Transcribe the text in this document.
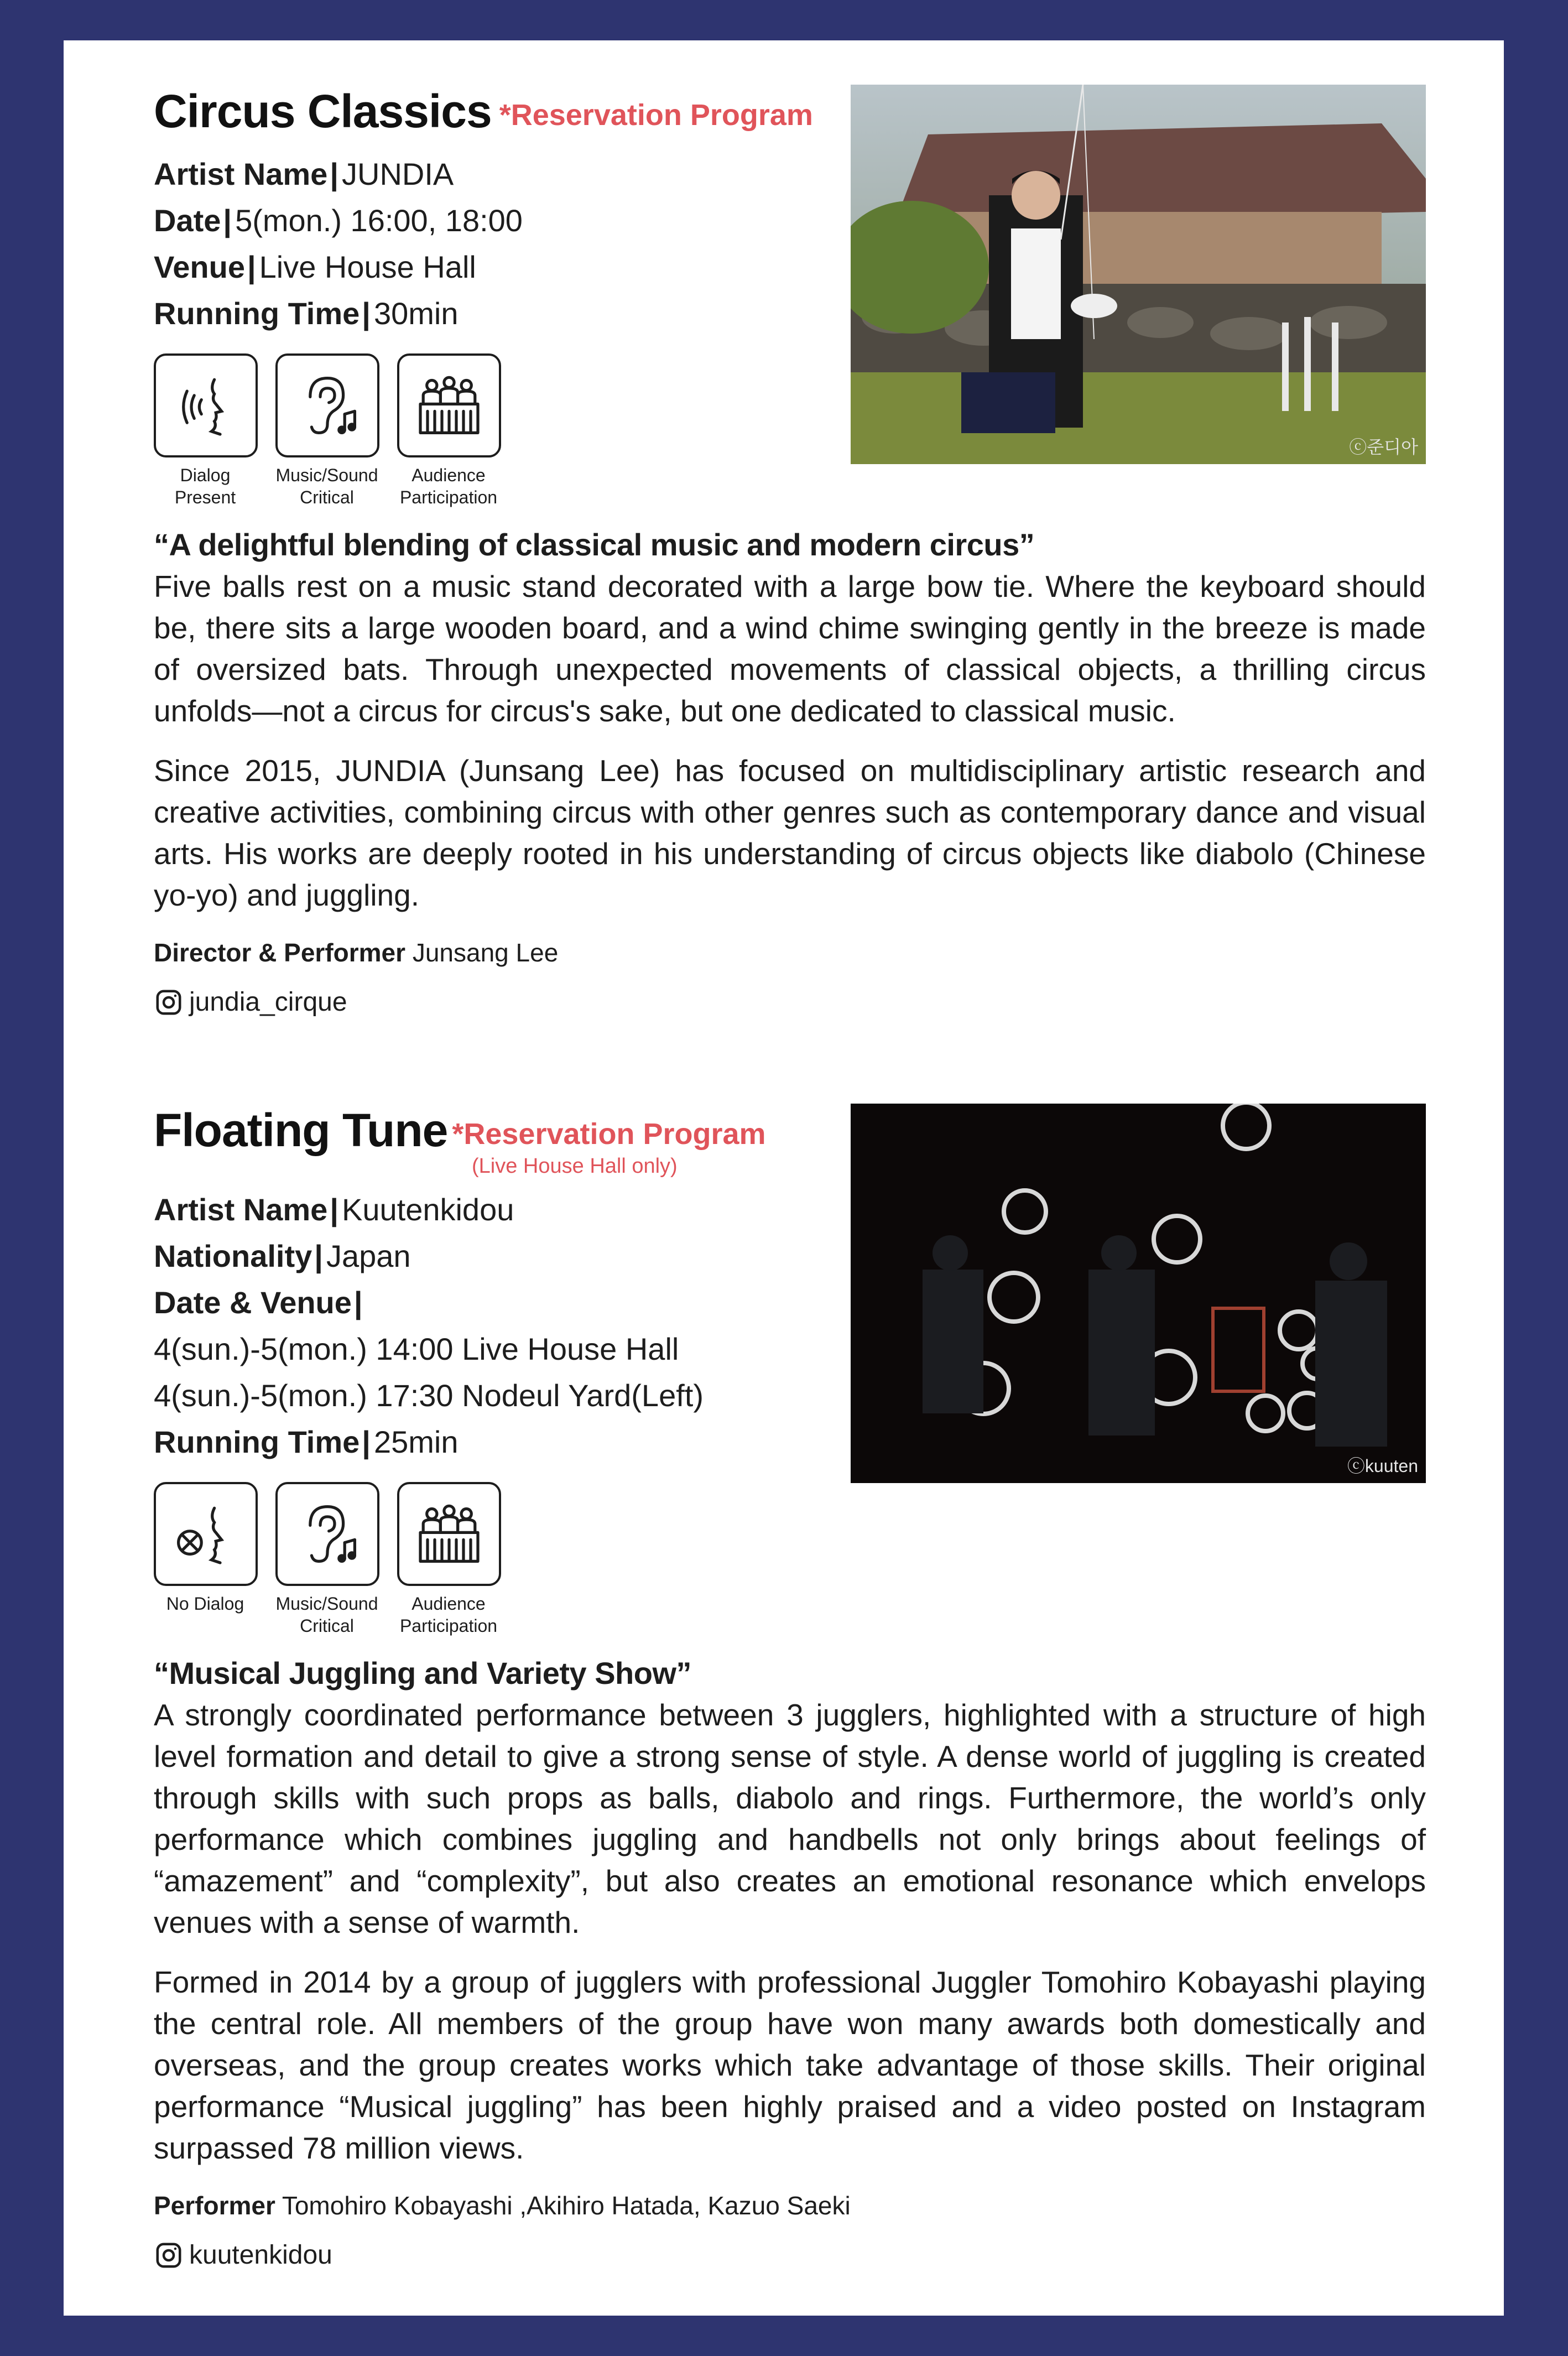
ⓒ준디아
Circus Classics *Reservation Program
Artist Name| JUNDIA
Date| 5(mon.) 16:00, 18:00
Venue| Live House Hall
Running Time| 30min
Dialog Present
Music/Sound Critical
Audience Participation
“A delightful blending of classical music and modern circus”

Five balls rest on a music stand decorated with a large bow tie. Where the keyboard should be, there sits a large wooden board, and a wind chime swinging gently in the breeze is made of oversized bats. Through unexpected movements of classical objects, a thrilling circus unfolds—not a circus for circus's sake, but one dedicated to classical music.

Since 2015, JUNDIA (Junsang Lee) has focused on multidisciplinary artistic research and creative activities, combining circus with other genres such as contemporary dance and visual arts. His works are deeply rooted in his understanding of circus objects like diabolo (Chinese yo-yo) and juggling.

Director & Performer Junsang Lee
jundia_cirque
ⓒkuuten
Floating Tune *Reservation Program
(Live House Hall only)
Artist Name| Kuutenkidou
Nationality| Japan
Date & Venue|
4(sun.)-5(mon.) 14:00 Live House Hall
4(sun.)-5(mon.) 17:30 Nodeul Yard(Left)
Running Time| 25min
No Dialog	Music/Sound Critical
Audience Participation
“Musical Juggling and Variety Show”

A strongly coordinated performance between 3 jugglers, highlighted with a structure of high level formation and detail to give a strong sense of style. A dense world of juggling is created through skills with such props as balls, diabolo and rings. Furthermore, the world’s only performance which combines juggling and handbells not only brings about feelings of “amazement” and “complexity”, but also creates an emotional resonance which envelops venues with a sense of warmth.

Formed in 2014 by a group of jugglers with professional Juggler Tomohiro Kobayashi playing the central role. All members of the group have won many awards both domestically and overseas, and the group creates works which take advantage of those skills. Their original performance “Musical juggling” has been highly praised and a video posted on Instagram surpassed 78 million views.

Performer Tomohiro Kobayashi ,Akihiro Hatada, Kazuo Saeki
kuutenkidou
